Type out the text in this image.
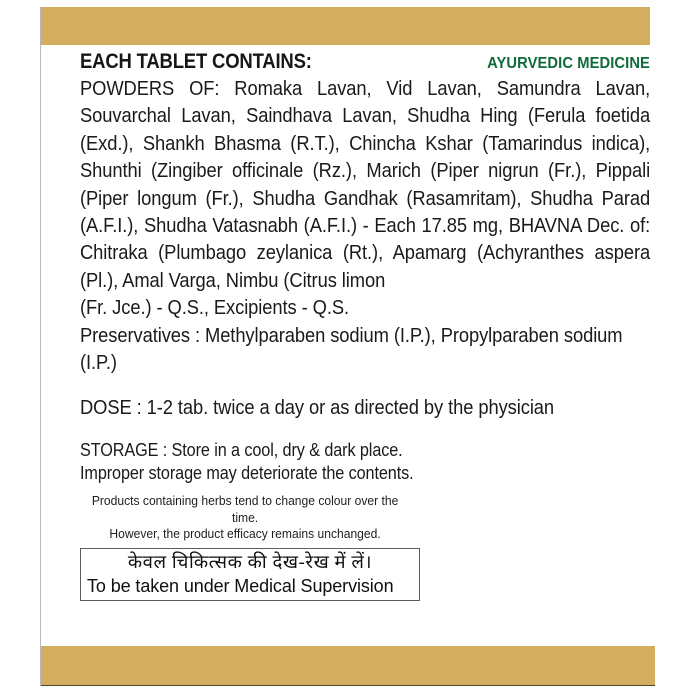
EACH TABLET CONTAINS:	AYURVEDIC MEDICINE
POWDERS OF: Romaka Lavan, Vid Lavan, Samundra Lavan, Souvarchal Lavan, Saindhava Lavan, Shudha Hing (Ferula foetida (Exd.), Shankh Bhasma (R.T.), Chincha Kshar (Tamarindus indica), Shunthi (Zingiber officinale (Rz.), Marich (Piper nigrun (Fr.), Pippali (Piper longum (Fr.), Shudha Gandhak (Rasamritam), Shudha Parad (A.F.I.), Shudha Vatasnabh (A.F.I.) - Each 17.85 mg, BHAVNA Dec. of: Chitraka (Plumbago zeylanica (Rt.), Apamarg (Achyranthes aspera (Pl.), Amal Varga, Nimbu (Citrus limon
(Fr. Jce.) - Q.S., Excipients - Q.S.
Preservatives : Methylparaben sodium (I.P.), Propylparaben sodium (I.P.)
DOSE : 1-2 tab. twice a day or as directed by the physician
STORAGE : Store in a cool, dry & dark place.
Improper storage may deteriorate the contents.
Products containing herbs tend to change colour over the time.
However, the product efficacy remains unchanged.
केवल चिकित्सक की देख-रेख में लें।
To be taken under Medical Supervision
